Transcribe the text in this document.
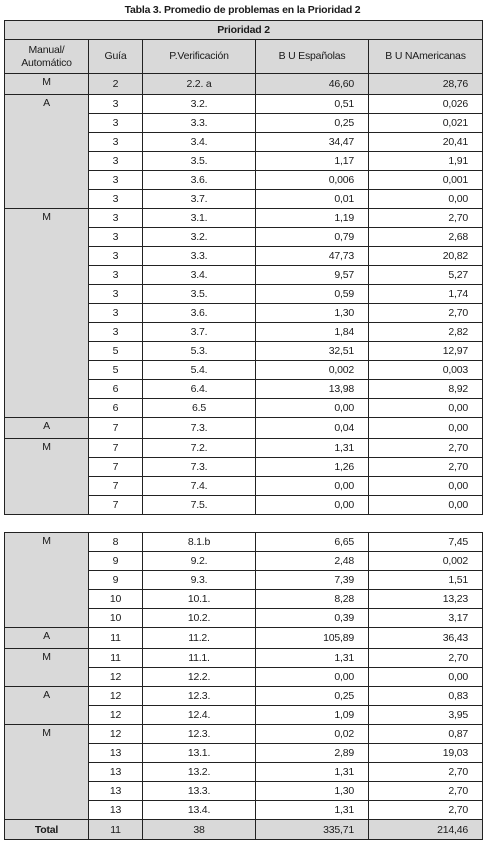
Tabla 3. Promedio de problemas en la Prioridad 2
Prioridad 2				
Manual/ Automático	Guía	P.Verificación	B U Españolas	B U NAmericanas
M	2	2.2. a	46,60	28,76
A	3	3.2.	0,51	0,026
	3	3.3.	0,25	0,021
	3	3.4.	34,47	20,41
	3	3.5.	1,17	1,91
	3	3.6.	0,006	0,001
	3	3.7.	0,01	0,00
M	3	3.1.	1,19	2,70
	3	3.2.	0,79	2,68
	3	3.3.	47,73	20,82
	3	3.4.	9,57	5,27
	3	3.5.	0,59	1,74
	3	3.6.	1,30	2,70
	3	3.7.	1,84	2,82
	5	5.3.	32,51	12,97
	5	5.4.	0,002	0,003
	6	6.4.	13,98	8,92
	6	6.5	0,00	0,00
A	7	7.3.	0,04	0,00
M	7	7.2.	1,31	2,70
	7	7.3.	1,26	2,70
	7	7.4.	0,00	0,00
	7	7.5.	0,00	0,00
M	8	8.1.b	6,65	7,45
	9	9.2.	2,48	0,002
	9	9.3.	7,39	1,51
	10	10.1.	8,28	13,23
	10	10.2.	0,39	3,17
A	11	11.2.	105,89	36,43
M	11	11.1.	1,31	2,70
	12	12.2.	0,00	0,00
A	12	12.3.	0,25	0,83
	12	12.4.	1,09	3,95
M	12	12.3.	0,02	0,87
	13	13.1.	2,89	19,03
	13	13.2.	1,31	2,70
	13	13.3.	1,30	2,70
	13	13.4.	1,31	2,70
Total	11	38	335,71	214,46
